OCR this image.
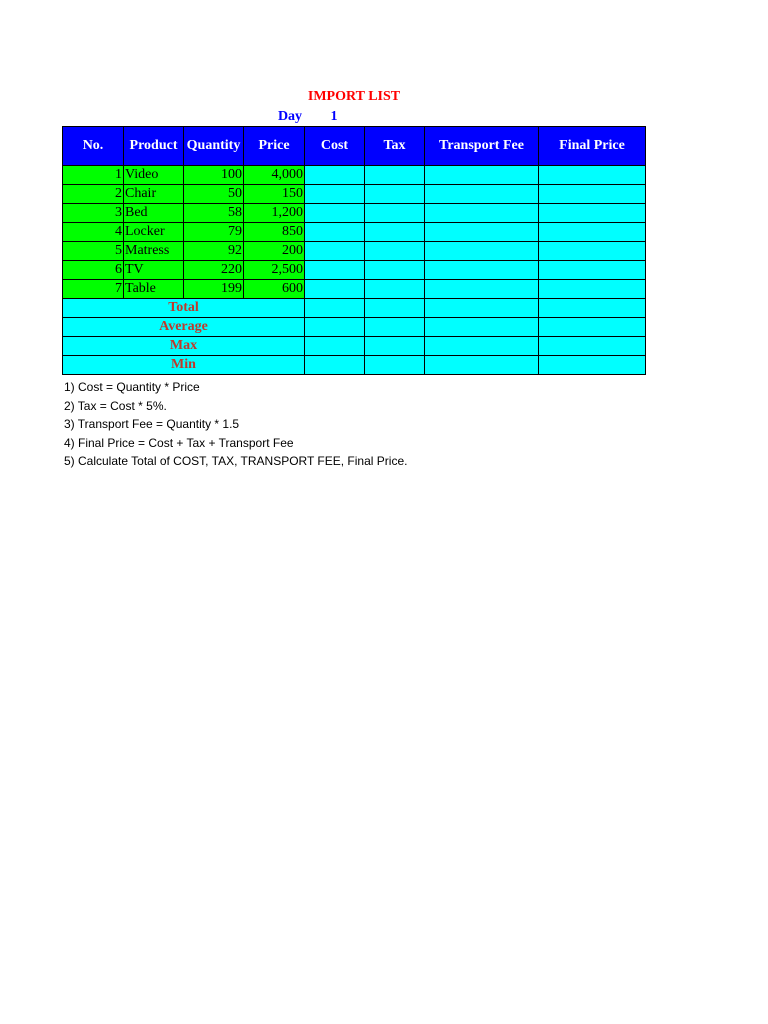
IMPORT LIST
Day	1
No.	Product	Quantity	Price	Cost	Tax	Transport Fee	Final Price
1	Video	100	4,000				
2	Chair	50	150				
3	Bed	58	1,200				
4	Locker	79	850				
5	Matress	92	200				
6	TV	220	2,500				
7	Table	199	600				
Total							
Average							
Max							
Min							
1) Cost = Quantity * Price
2) Tax = Cost * 5%.
3) Transport Fee = Quantity * 1.5
4) Final Price = Cost + Tax + Transport Fee
5) Calculate Total of COST, TAX, TRANSPORT FEE, Final Price.
